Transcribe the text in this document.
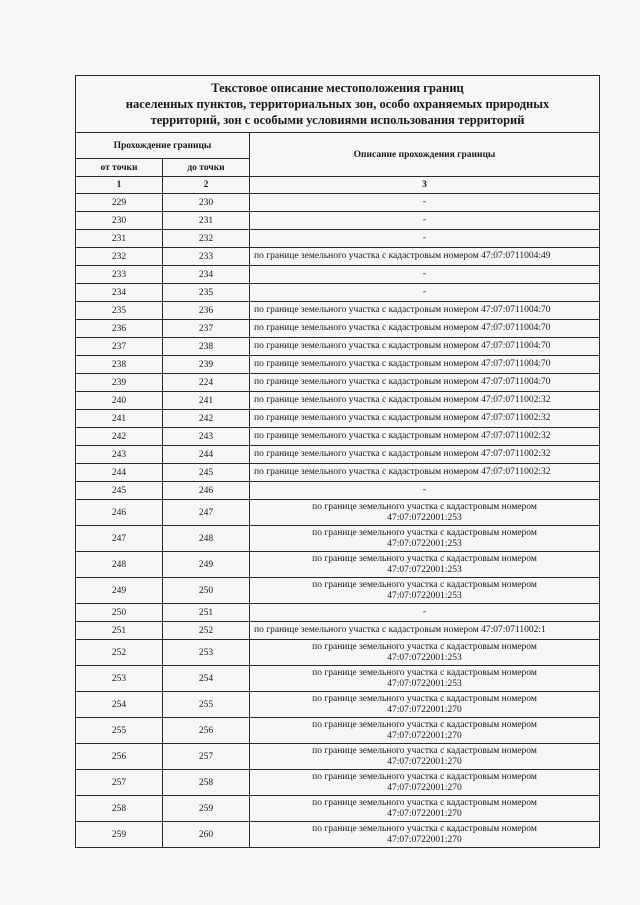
Текстовое описание местоположения границ
населенных пунктов, территориальных зон, особо охраняемых природных
территорий, зон с особыми условиями использования территорий		

Прохождение границы		Описание прохождения границы
от точки	до точки	
1	2	3
229	230	-
230	231	-
231	232	-
232	233	по границе земельного участка с кадастровым номером 47:07:0711004:49
233	234	-
234	235	-
235	236	по границе земельного участка с кадастровым номером 47:07:0711004:70
236	237	по границе земельного участка с кадастровым номером 47:07:0711004:70
237	238	по границе земельного участка с кадастровым номером 47:07:0711004:70
238	239	по границе земельного участка с кадастровым номером 47:07:0711004:70
239	224	по границе земельного участка с кадастровым номером 47:07:0711004:70
240	241	по границе земельного участка с кадастровым номером 47:07:0711002:32
241	242	по границе земельного участка с кадастровым номером 47:07:0711002:32
242	243	по границе земельного участка с кадастровым номером 47:07:0711002:32
243	244	по границе земельного участка с кадастровым номером 47:07:0711002:32
244	245	по границе земельного участка с кадастровым номером 47:07:0711002:32
245	246	-
246	247	по границе земельного участка с кадастровым номером
47:07:0722001:253

247	248	по границе земельного участка с кадастровым номером
47:07:0722001:253

248	249	по границе земельного участка с кадастровым номером
47:07:0722001:253

249	250	по границе земельного участка с кадастровым номером
47:07:0722001:253

250	251	-
251	252	по границе земельного участка с кадастровым номером 47:07:0711002:1
252	253	по границе земельного участка с кадастровым номером
47:07:0722001:253

253	254	по границе земельного участка с кадастровым номером
47:07:0722001:253

254	255	по границе земельного участка с кадастровым номером
47:07:0722001:270

255	256	по границе земельного участка с кадастровым номером
47:07:0722001:270

256	257	по границе земельного участка с кадастровым номером
47:07:0722001:270

257	258	по границе земельного участка с кадастровым номером
47:07:0722001:270

258	259	по границе земельного участка с кадастровым номером
47:07:0722001:270

259	260	по границе земельного участка с кадастровым номером
47:07:0722001:270
